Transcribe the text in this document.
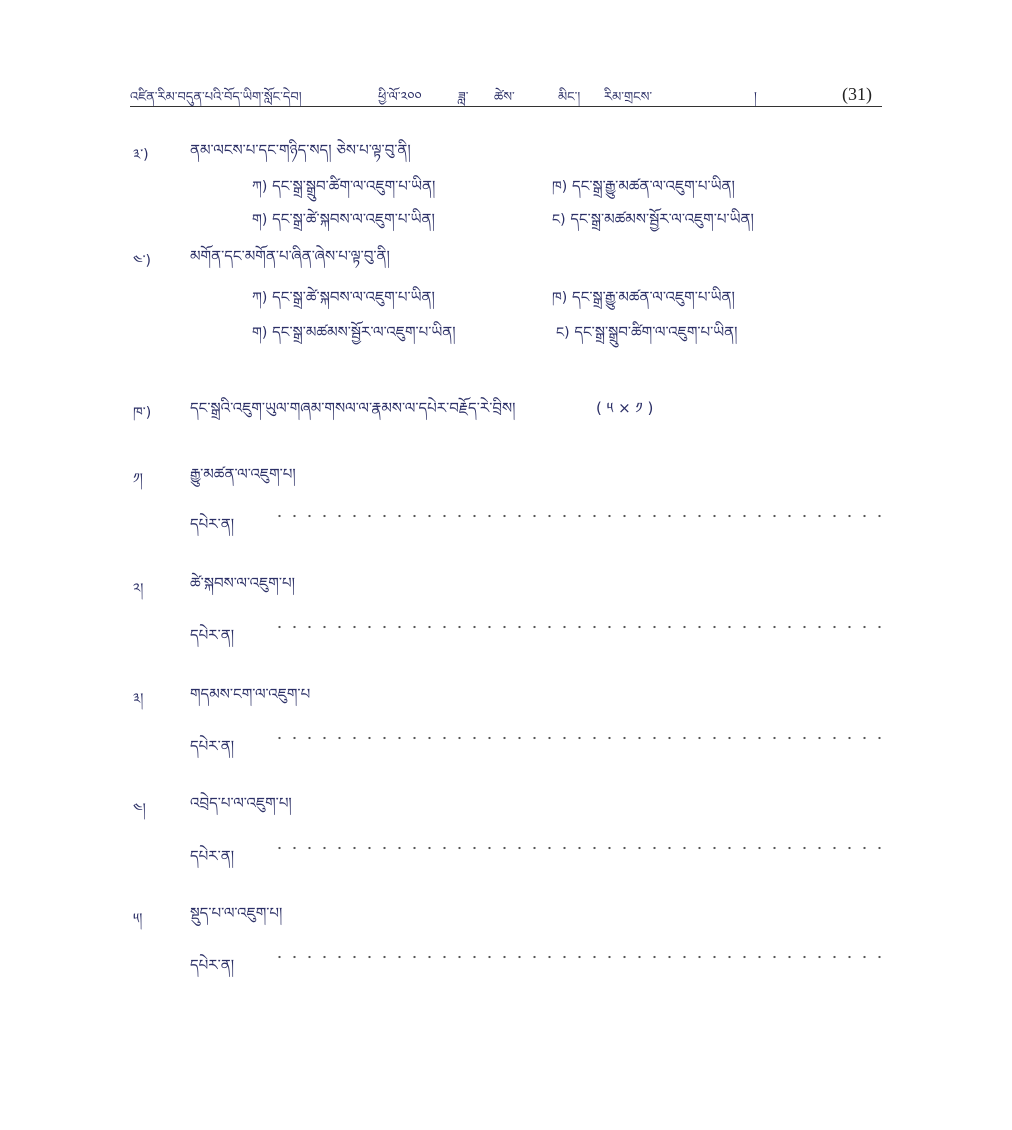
འཛིན་རིམ་བདུན་པའི་བོད་ཡིག་སློང་དེབ།	ཕྱི་ལོ་༢༠༠	ཟླ་ ཚེས་	མིང་། རིམ་གྲངས་	།	(31)
༣་)	ནམ་ལངས་པ་དང་གཉིད་སད། ཅེས་པ་ལྟ་བུ་ནི།
ཀ) དང་སྒྲ་སྒྲུབ་ཚིག་ལ་འཇུག་པ་ཡིན།	ཁ) དང་སྒྲ་རྒྱུ་མཚན་ལ་འཇུག་པ་ཡིན།
ག) དང་སྒྲ་ཚེ་སྐབས་ལ་འཇུག་པ་ཡིན།	ང) དང་སྒྲ་མཚམས་སྦྱོར་ལ་འཇུག་པ་ཡིན།
༤་)	མགོན་དང་མགོན་པ་ཞིན་ཞེས་པ་ལྟ་བུ་ནི།
ཀ) དང་སྒྲ་ཚེ་སྐབས་ལ་འཇུག་པ་ཡིན།	ཁ) དང་སྒྲ་རྒྱུ་མཚན་ལ་འཇུག་པ་ཡིན།
ག) དང་སྒྲ་མཚམས་སྦྱོར་ལ་འཇུག་པ་ཡིན།	ང) དང་སྒྲ་སྒྲུབ་ཚིག་ལ་འཇུག་པ་ཡིན།
ཁ་)	དང་སྒྲའི་འཇུག་ཡུལ་གཞམ་གསལ་ལ་རྣམས་ལ་དཔེར་བརྗོད་རེ་བྲིས།	( ༥ × ༡ )
༡།	རྒྱུ་མཚན་ལ་འཇུག་པ།
དཔེར་ན།
༢།	ཚེ་སྐབས་ལ་འཇུག་པ།
དཔེར་ན།
༣།	གདམས་ངག་ལ་འཇུག་པ
དཔེར་ན།
༤།	འབྲེད་པ་ལ་འཇུག་པ།
དཔེར་ན།
༥།	སྡུད་པ་ལ་འཇུག་པ།
དཔེར་ན།
